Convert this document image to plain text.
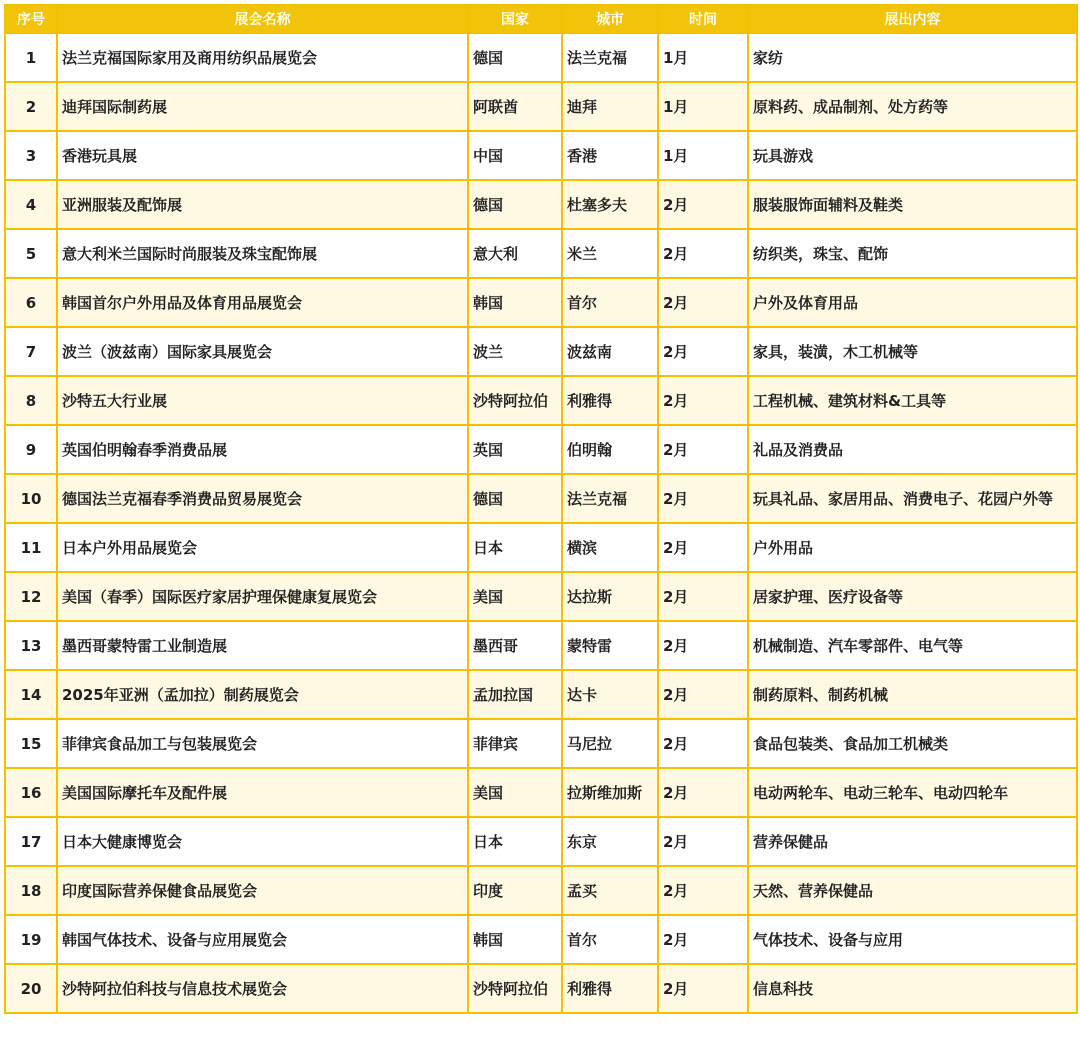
序号	展会名称	国家	城市	时间	展出内容
1	法兰克福国际家用及商用纺织品展览会	德国	法兰克福	1月	家纺
2	迪拜国际制药展	阿联酋	迪拜	1月	原料药、成品制剂、处方药等
3	香港玩具展	中国	香港	1月	玩具游戏
4	亚洲服装及配饰展	德国	杜塞多夫	2月	服装服饰面辅料及鞋类
5	意大利米兰国际时尚服装及珠宝配饰展	意大利	米兰	2月	纺织类，珠宝、配饰
6	韩国首尔户外用品及体育用品展览会	韩国	首尔	2月	户外及体育用品
7	波兰（波兹南）国际家具展览会	波兰	波兹南	2月	家具，装潢，木工机械等
8	沙特五大行业展	沙特阿拉伯	利雅得	2月	工程机械、建筑材料&工具等
9	英国伯明翰春季消费品展	英国	伯明翰	2月	礼品及消费品
10	德国法兰克福春季消费品贸易展览会	德国	法兰克福	2月	玩具礼品、家居用品、消费电子、花园户外等
11	日本户外用品展览会	日本	横滨	2月	户外用品
12	美国（春季）国际医疗家居护理保健康复展览会	美国	达拉斯	2月	居家护理、医疗设备等
13	墨西哥蒙特雷工业制造展	墨西哥	蒙特雷	2月	机械制造、汽车零部件、电气等
14	2025年亚洲（孟加拉）制药展览会	孟加拉国	达卡	2月	制药原料、制药机械
15	菲律宾食品加工与包装展览会	菲律宾	马尼拉	2月	食品包装类、食品加工机械类
16	美国国际摩托车及配件展	美国	拉斯维加斯	2月	电动两轮车、电动三轮车、电动四轮车
17	日本大健康博览会	日本	东京	2月	营养保健品
18	印度国际营养保健食品展览会	印度	孟买	2月	天然、营养保健品
19	韩国气体技术、设备与应用展览会	韩国	首尔	2月	气体技术、设备与应用
20	沙特阿拉伯科技与信息技术展览会	沙特阿拉伯	利雅得	2月	信息科技
